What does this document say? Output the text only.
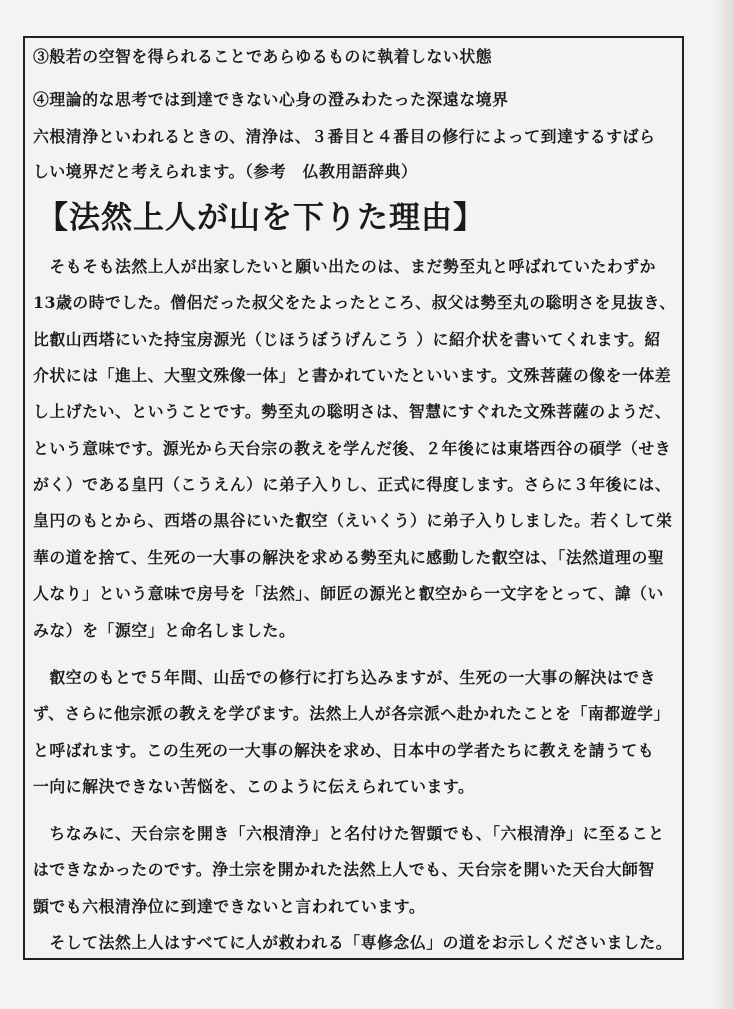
③般若の空智を得られることであらゆるものに執着しない状態
④理論的な思考では到達できない心身の澄みわたった深遠な境界
六根清浄といわれるときの、清浄は、３番目と４番目の修行によって到達するすばら
しい境界だと考えられます。（参考　仏教用語辞典）
【法然上人が山を下りた理由】
　そもそも法然上人が出家したいと願い出たのは、まだ勢至丸と呼ばれていたわずか
13歳の時でした。僧侶だった叔父をたよったところ、叔父は勢至丸の聡明さを見抜き、
比叡山西塔にいた持宝房源光（じほうぼうげんこう ）に紹介状を書いてくれます。紹
介状には「進上、大聖文殊像一体」と書かれていたといいます。文殊菩薩の像を一体差
し上げたい、ということです。勢至丸の聡明さは、智慧にすぐれた文殊菩薩のようだ、
という意味です。源光から天台宗の教えを学んだ後、２年後には東塔西谷の碩学（せき
がく）である皇円（こうえん）に弟子入りし、正式に得度します。さらに３年後には、
皇円のもとから、西塔の黒谷にいた叡空（えいくう）に弟子入りしました。若くして栄
華の道を捨て、生死の一大事の解決を求める勢至丸に感動した叡空は、「法然道理の聖
人なり」という意味で房号を「法然」、師匠の源光と叡空から一文字をとって、諱（い
みな）を「源空」と命名しました。
　叡空のもとで５年間、山岳での修行に打ち込みますが、生死の一大事の解決はでき
ず、さらに他宗派の教えを学びます。法然上人が各宗派へ赴かれたことを「南都遊学」
と呼ばれます。この生死の一大事の解決を求め、日本中の学者たちに教えを請うても
一向に解決できない苦悩を、このように伝えられています。
　ちなみに、天台宗を開き「六根清浄」と名付けた智顗でも、「六根清浄」に至ること
はできなかったのです。浄土宗を開かれた法然上人でも、天台宗を開いた天台大師智
顗でも六根清浄位に到達できないと言われています。
　そして法然上人はすべてに人が救われる「専修念仏」の道をお示しくださいました。
